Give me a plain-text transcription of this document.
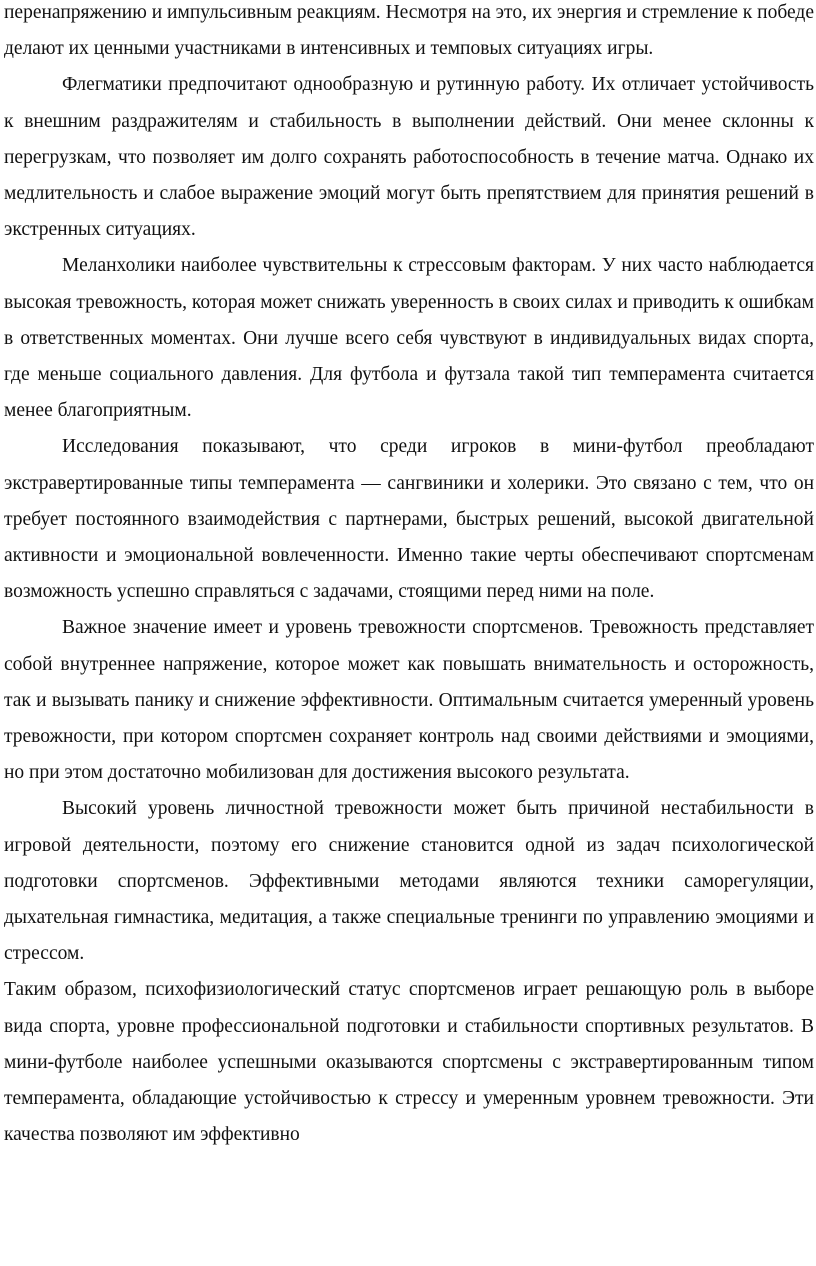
перенапряжению и импульсивным реакциям. Несмотря на это, их энергия и стремление к победе делают их ценными участниками в интенсивных и темповых ситуациях игры.

Флегматики предпочитают однообразную и рутинную работу. Их отличает устойчивость к внешним раздражителям и стабильность в выполнении действий. Они менее склонны к перегрузкам, что позволяет им долго сохранять работоспособность в течение матча. Однако их медлительность и слабое выражение эмоций могут быть препятствием для принятия решений в экстренных ситуациях.

Меланхолики наиболее чувствительны к стрессовым факторам. У них часто наблюдается высокая тревожность, которая может снижать уверенность в своих силах и приводить к ошибкам в ответственных моментах. Они лучше всего себя чувствуют в индивидуальных видах спорта, где меньше социального давления. Для футбола и футзала такой тип темперамента считается менее благоприятным.

Исследования показывают, что среди игроков в мини-футбол преобладают экстравертированные типы темперамента — сангвиники и холерики. Это связано с тем, что он требует постоянного взаимодействия с партнерами, быстрых решений, высокой двигательной активности и эмоциональной вовлеченности. Именно такие черты обеспечивают спортсменам возможность успешно справляться с задачами, стоящими перед ними на поле.

Важное значение имеет и уровень тревожности спортсменов. Тревожность представляет собой внутреннее напряжение, которое может как повышать внимательность и осторожность, так и вызывать панику и снижение эффективности. Оптимальным считается умеренный уровень тревожности, при котором спортсмен сохраняет контроль над своими действиями и эмоциями, но при этом достаточно мобилизован для достижения высокого результата.

Высокий уровень личностной тревожности может быть причиной нестабильности в игровой деятельности, поэтому его снижение становится одной из задач психологической подготовки спортсменов. Эффективными методами являются техники саморегуляции, дыхательная гимнастика, медитация, а также специальные тренинги по управлению эмоциями и стрессом.

Таким образом, психофизиологический статус спортсменов играет решающую роль в выборе вида спорта, уровне профессиональной подготовки и стабильности спортивных результатов. В мини-футболе наиболее успешными оказываются спортсмены с экстравертированным типом темперамента, обладающие устойчивостью к стрессу и умеренным уровнем тревожности. Эти качества позволяют им эффективно
